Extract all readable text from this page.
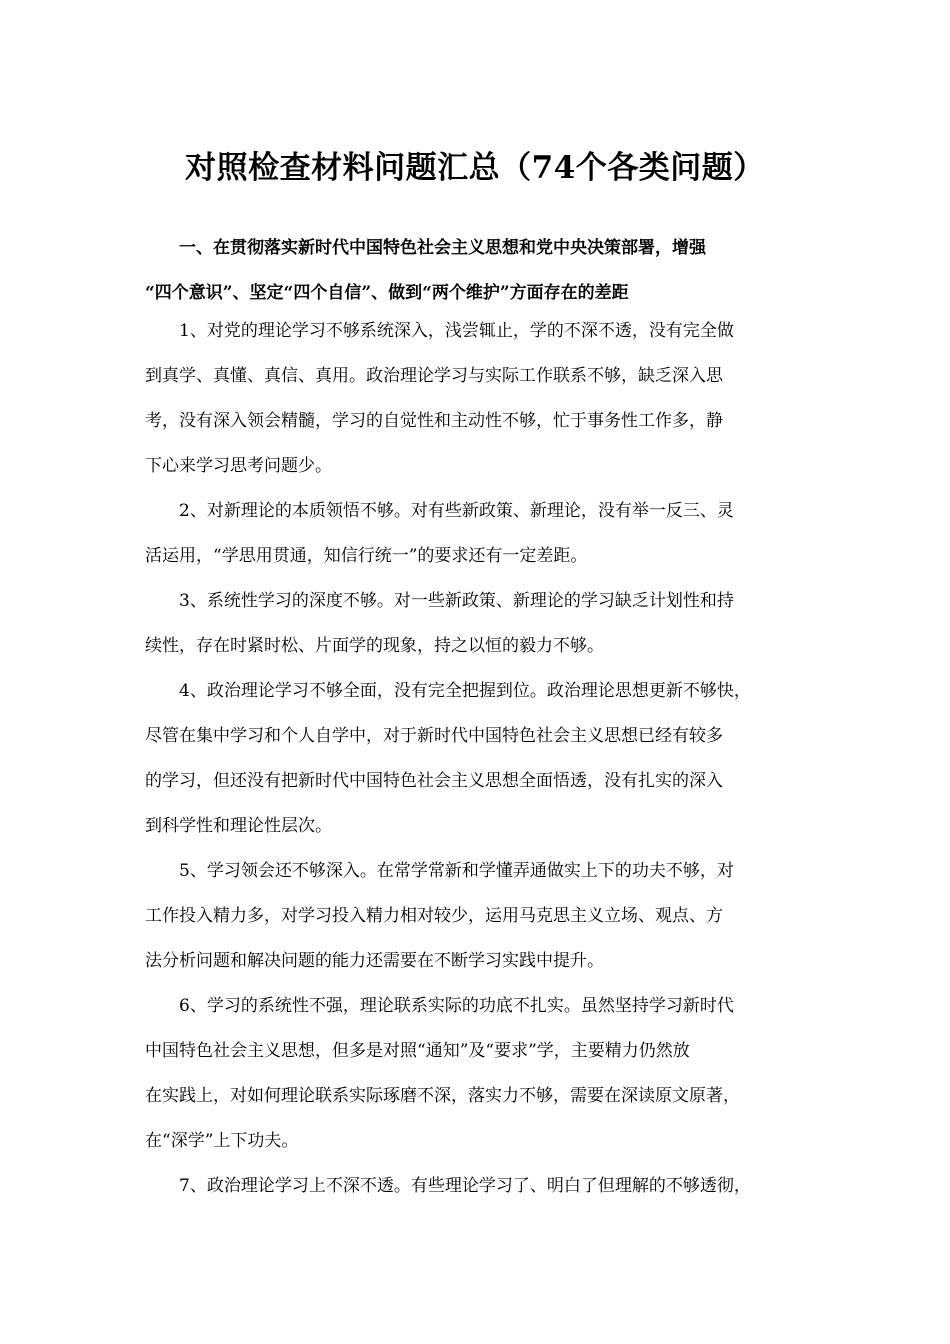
对照检查材料问题汇总（74个各类问题）
一、在贯彻落实新时代中国特色社会主义思想和党中央决策部署，增强
“四个意识”、坚定“四个自信”、做到“两个维护”方面存在的差距

1、对党的理论学习不够系统深入，浅尝辄止，学的不深不透，没有完全做
到真学、真懂、真信、真用。政治理论学习与实际工作联系不够，缺乏深入思
考，没有深入领会精髓，学习的自觉性和主动性不够，忙于事务性工作多，静
下心来学习思考问题少。

2、对新理论的本质领悟不够。对有些新政策、新理论，没有举一反三、灵
活运用，“学思用贯通，知信行统一”的要求还有一定差距。

3、系统性学习的深度不够。对一些新政策、新理论的学习缺乏计划性和持
续性，存在时紧时松、片面学的现象，持之以恒的毅力不够。

4、政治理论学习不够全面，没有完全把握到位。政治理论思想更新不够快，
尽管在集中学习和个人自学中，对于新时代中国特色社会主义思想已经有较多
的学习，但还没有把新时代中国特色社会主义思想全面悟透，没有扎实的深入
到科学性和理论性层次。

5、学习领会还不够深入。在常学常新和学懂弄通做实上下的功夫不够，对
工作投入精力多，对学习投入精力相对较少，运用马克思主义立场、观点、方
法分析问题和解决问题的能力还需要在不断学习实践中提升。

6、学习的系统性不强，理论联系实际的功底不扎实。虽然坚持学习新时代
中国特色社会主义思想，但多是对照“通知”及“要求”学，主要精力仍然放
在实践上，对如何理论联系实际琢磨不深，落实力不够，需要在深读原文原著，
在“深学”上下功夫。

7、政治理论学习上不深不透。有些理论学习了、明白了但理解的不够透彻，
